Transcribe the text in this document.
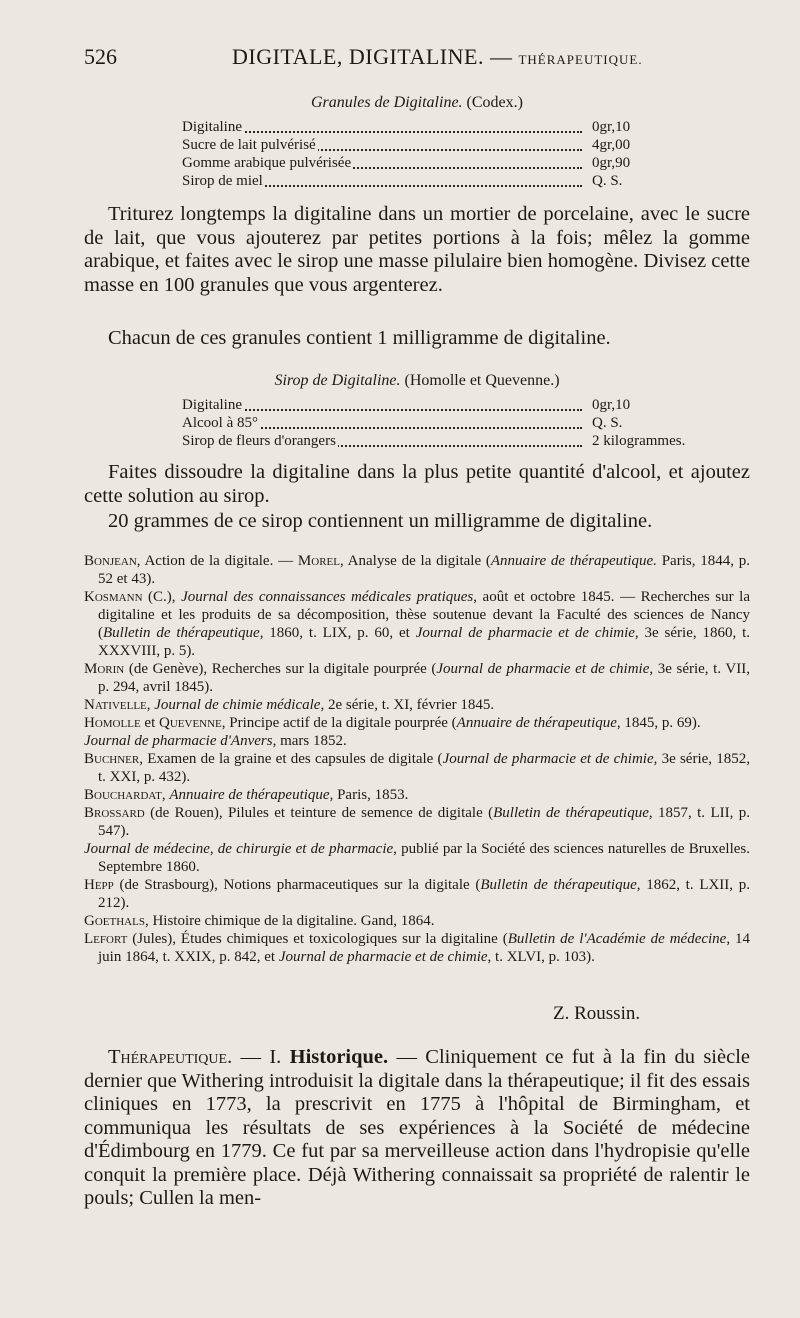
526	DIGITALE, DIGITALINE. — THÉRAPEUTIQUE.
Granules de Digitaline. (Codex.)
Digitaline	0gr,10
Sucre de lait pulvérisé	4gr,00
Gomme arabique pulvérisée	0gr,90
Sirop de miel	Q. S.
Triturez longtemps la digitaline dans un mortier de porcelaine, avec le sucre de lait, que vous ajouterez par petites portions à la fois; mêlez la gomme arabique, et faites avec le sirop une masse pilulaire bien homogène. Divisez cette masse en 100 granules que vous argenterez.
Chacun de ces granules contient 1 milligramme de digitaline.
Sirop de Digitaline. (Homolle et Quevenne.)
Digitaline	0gr,10
Alcool à 85°	Q. S.
Sirop de fleurs d'orangers	2 kilogrammes.
Faites dissoudre la digitaline dans la plus petite quantité d'alcool, et ajoutez cette solution au sirop.
20 grammes de ce sirop contiennent un milligramme de digitaline.

Bonjean, Action de la digitale. — Morel, Analyse de la digitale (Annuaire de thérapeutique. Paris, 1844, p. 52 et 43).

Kosmann (C.), Journal des connaissances médicales pratiques, août et octobre 1845. — Recherches sur la digitaline et les produits de sa décomposition, thèse soutenue devant la Faculté des sciences de Nancy (Bulletin de thérapeutique, 1860, t. LIX, p. 60, et Journal de pharmacie et de chimie, 3e série, 1860, t. XXXVIII, p. 5).

Morin (de Genève), Recherches sur la digitale pourprée (Journal de pharmacie et de chimie, 3e série, t. VII, p. 294, avril 1845).

Nativelle, Journal de chimie médicale, 2e série, t. XI, février 1845.

Homolle et Quevenne, Principe actif de la digitale pourprée (Annuaire de thérapeutique, 1845, p. 69).

Journal de pharmacie d'Anvers, mars 1852.

Buchner, Examen de la graine et des capsules de digitale (Journal de pharmacie et de chimie, 3e série, 1852, t. XXI, p. 432).

Bouchardat, Annuaire de thérapeutique, Paris, 1853.

Brossard (de Rouen), Pilules et teinture de semence de digitale (Bulletin de thérapeutique, 1857, t. LII, p. 547).

Journal de médecine, de chirurgie et de pharmacie, publié par la Société des sciences naturelles de Bruxelles. Septembre 1860.

Hepp (de Strasbourg), Notions pharmaceutiques sur la digitale (Bulletin de thérapeutique, 1862, t. LXII, p. 212).

Goethals, Histoire chimique de la digitaline. Gand, 1864.

Lefort (Jules), Études chimiques et toxicologiques sur la digitaline (Bulletin de l'Académie de médecine, 14 juin 1864, t. XXIX, p. 842, et Journal de pharmacie et de chimie, t. XLVI, p. 103).

Z. Roussin.
Thérapeutique. — I. Historique. — Cliniquement ce fut à la fin du siècle dernier que Withering introduisit la digitale dans la thérapeutique; il fit des essais cliniques en 1773, la prescrivit en 1775 à l'hôpital de Birmingham, et communiqua les résultats de ses expériences à la Société de médecine d'Édimbourg en 1779. Ce fut par sa merveilleuse action dans l'hydropisie qu'elle conquit la première place. Déjà Withering connaissait sa propriété de ralentir le pouls; Cullen la men-
